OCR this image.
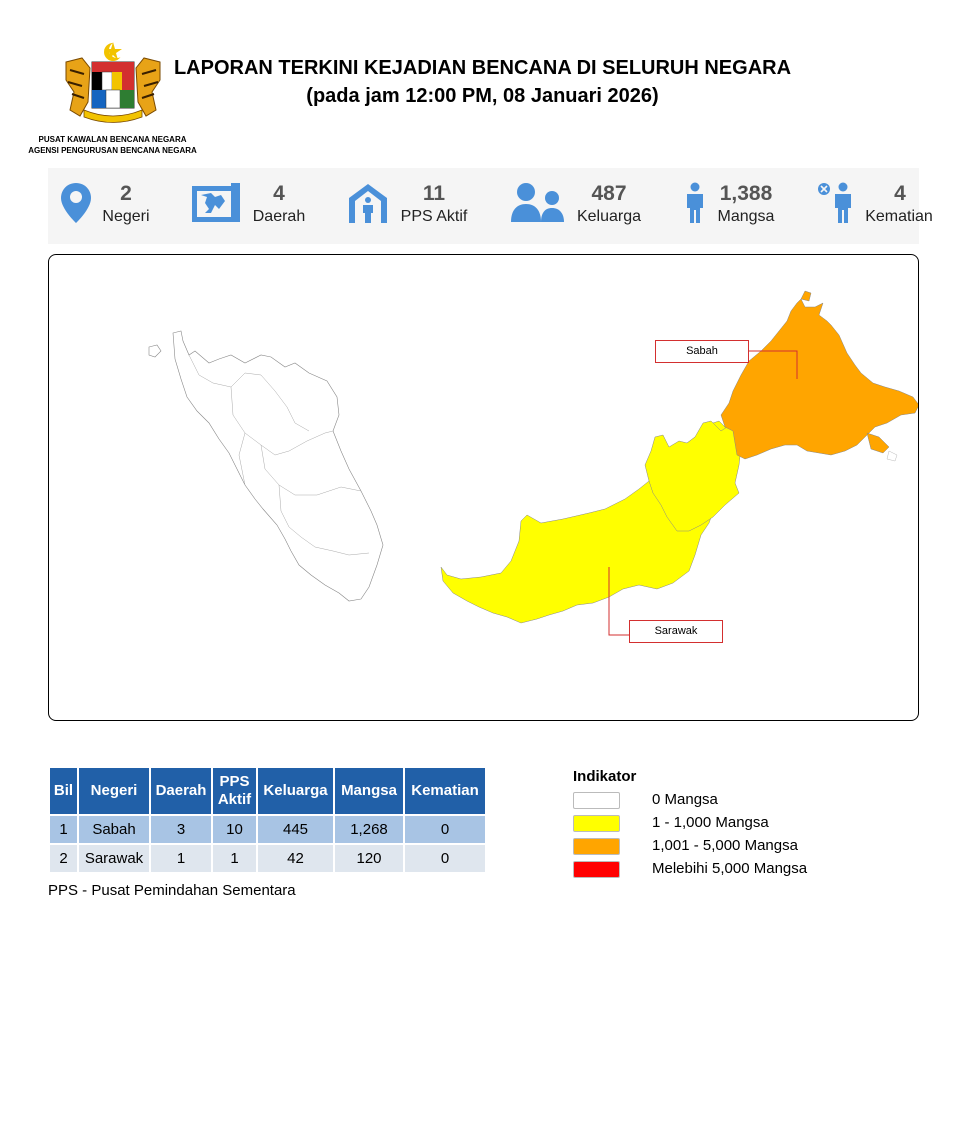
PUSAT KAWALAN BENCANA NEGARA
AGENSI PENGURUSAN BENCANA NEGARA
LAPORAN TERKINI KEJADIAN BENCANA DI SELURUH NEGARA
(pada jam 12:00 PM, 08 Januari 2026)
2
Negeri
4
Daerah
11
PPS Aktif
487
Keluarga
1,388
Mangsa
4
Kematian
Sabah
Sarawak
Bil	Negeri	Daerah	PPS Aktif	Keluarga	Mangsa	Kematian
1	Sabah	3	10	445	1,268	0
2	Sarawak	1	1	42	120	0
PPS - Pusat Pemindahan Sementara
Indikator
0 Mangsa
1 - 1,000 Mangsa
1,001 - 5,000 Mangsa
Melebihi 5,000 Mangsa
